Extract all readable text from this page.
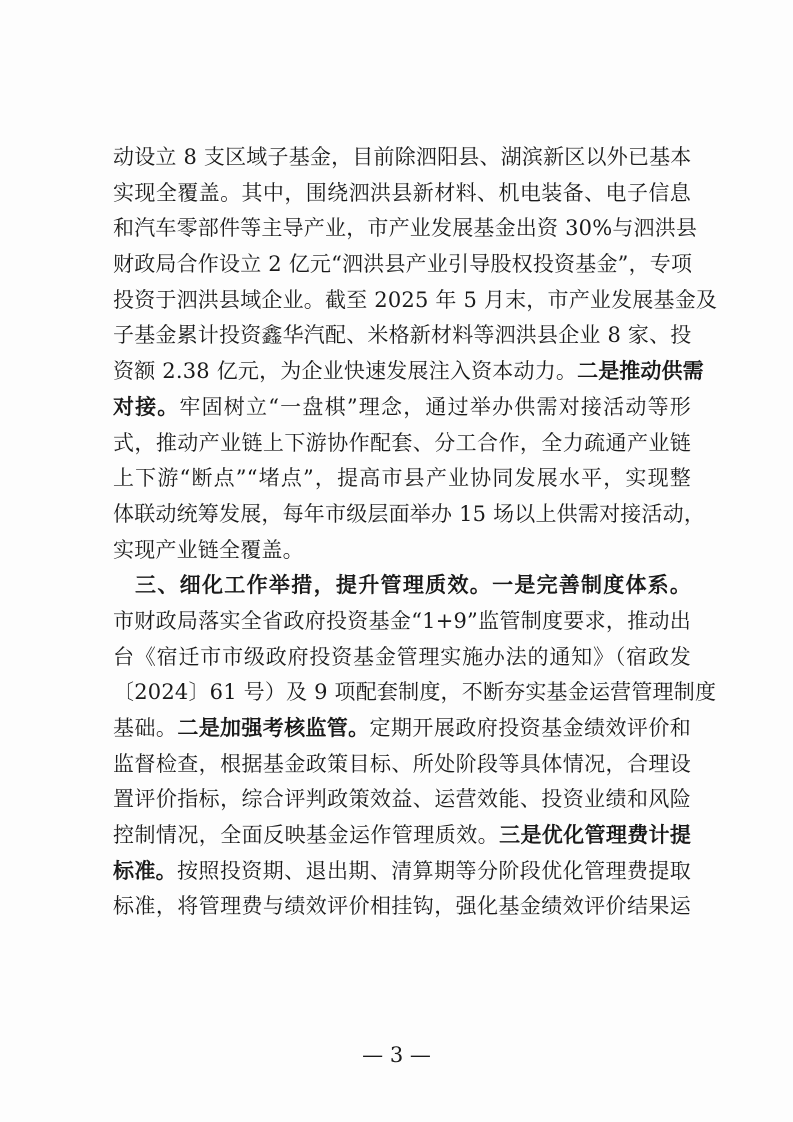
动设立 8 支区域子基金，目前除泗阳县、湖滨新区以外已基本
实现全覆盖。其中，围绕泗洪县新材料、机电装备、电子信息
和汽车零部件等主导产业，市产业发展基金出资 30%与泗洪县
财政局合作设立 2 亿元“泗洪县产业引导股权投资基金”，专项
投资于泗洪县域企业。截至 2025 年 5 月末，市产业发展基金及
子基金累计投资鑫华汽配、米格新材料等泗洪县企业 8 家、投
资额 2.38 亿元，为企业快速发展注入资本动力。二是推动供需
对接。牢固树立“一盘棋”理念，通过举办供需对接活动等形
式，推动产业链上下游协作配套、分工合作，全力疏通产业链
上下游“断点”“堵点”，提高市县产业协同发展水平，实现整
体联动统筹发展，每年市级层面举办 15 场以上供需对接活动，
实现产业链全覆盖。
三、细化工作举措，提升管理质效。一是完善制度体系。
市财政局落实全省政府投资基金“1+9”监管制度要求，推动出
台《宿迁市市级政府投资基金管理实施办法的通知》（宿政发
〔2024〕61 号）及 9 项配套制度，不断夯实基金运营管理制度
基础。二是加强考核监管。定期开展政府投资基金绩效评价和
监督检查，根据基金政策目标、所处阶段等具体情况，合理设
置评价指标，综合评判政策效益、运营效能、投资业绩和风险
控制情况，全面反映基金运作管理质效。三是优化管理费计提
标准。按照投资期、退出期、清算期等分阶段优化管理费提取
标准，将管理费与绩效评价相挂钩，强化基金绩效评价结果运
— 3 —
